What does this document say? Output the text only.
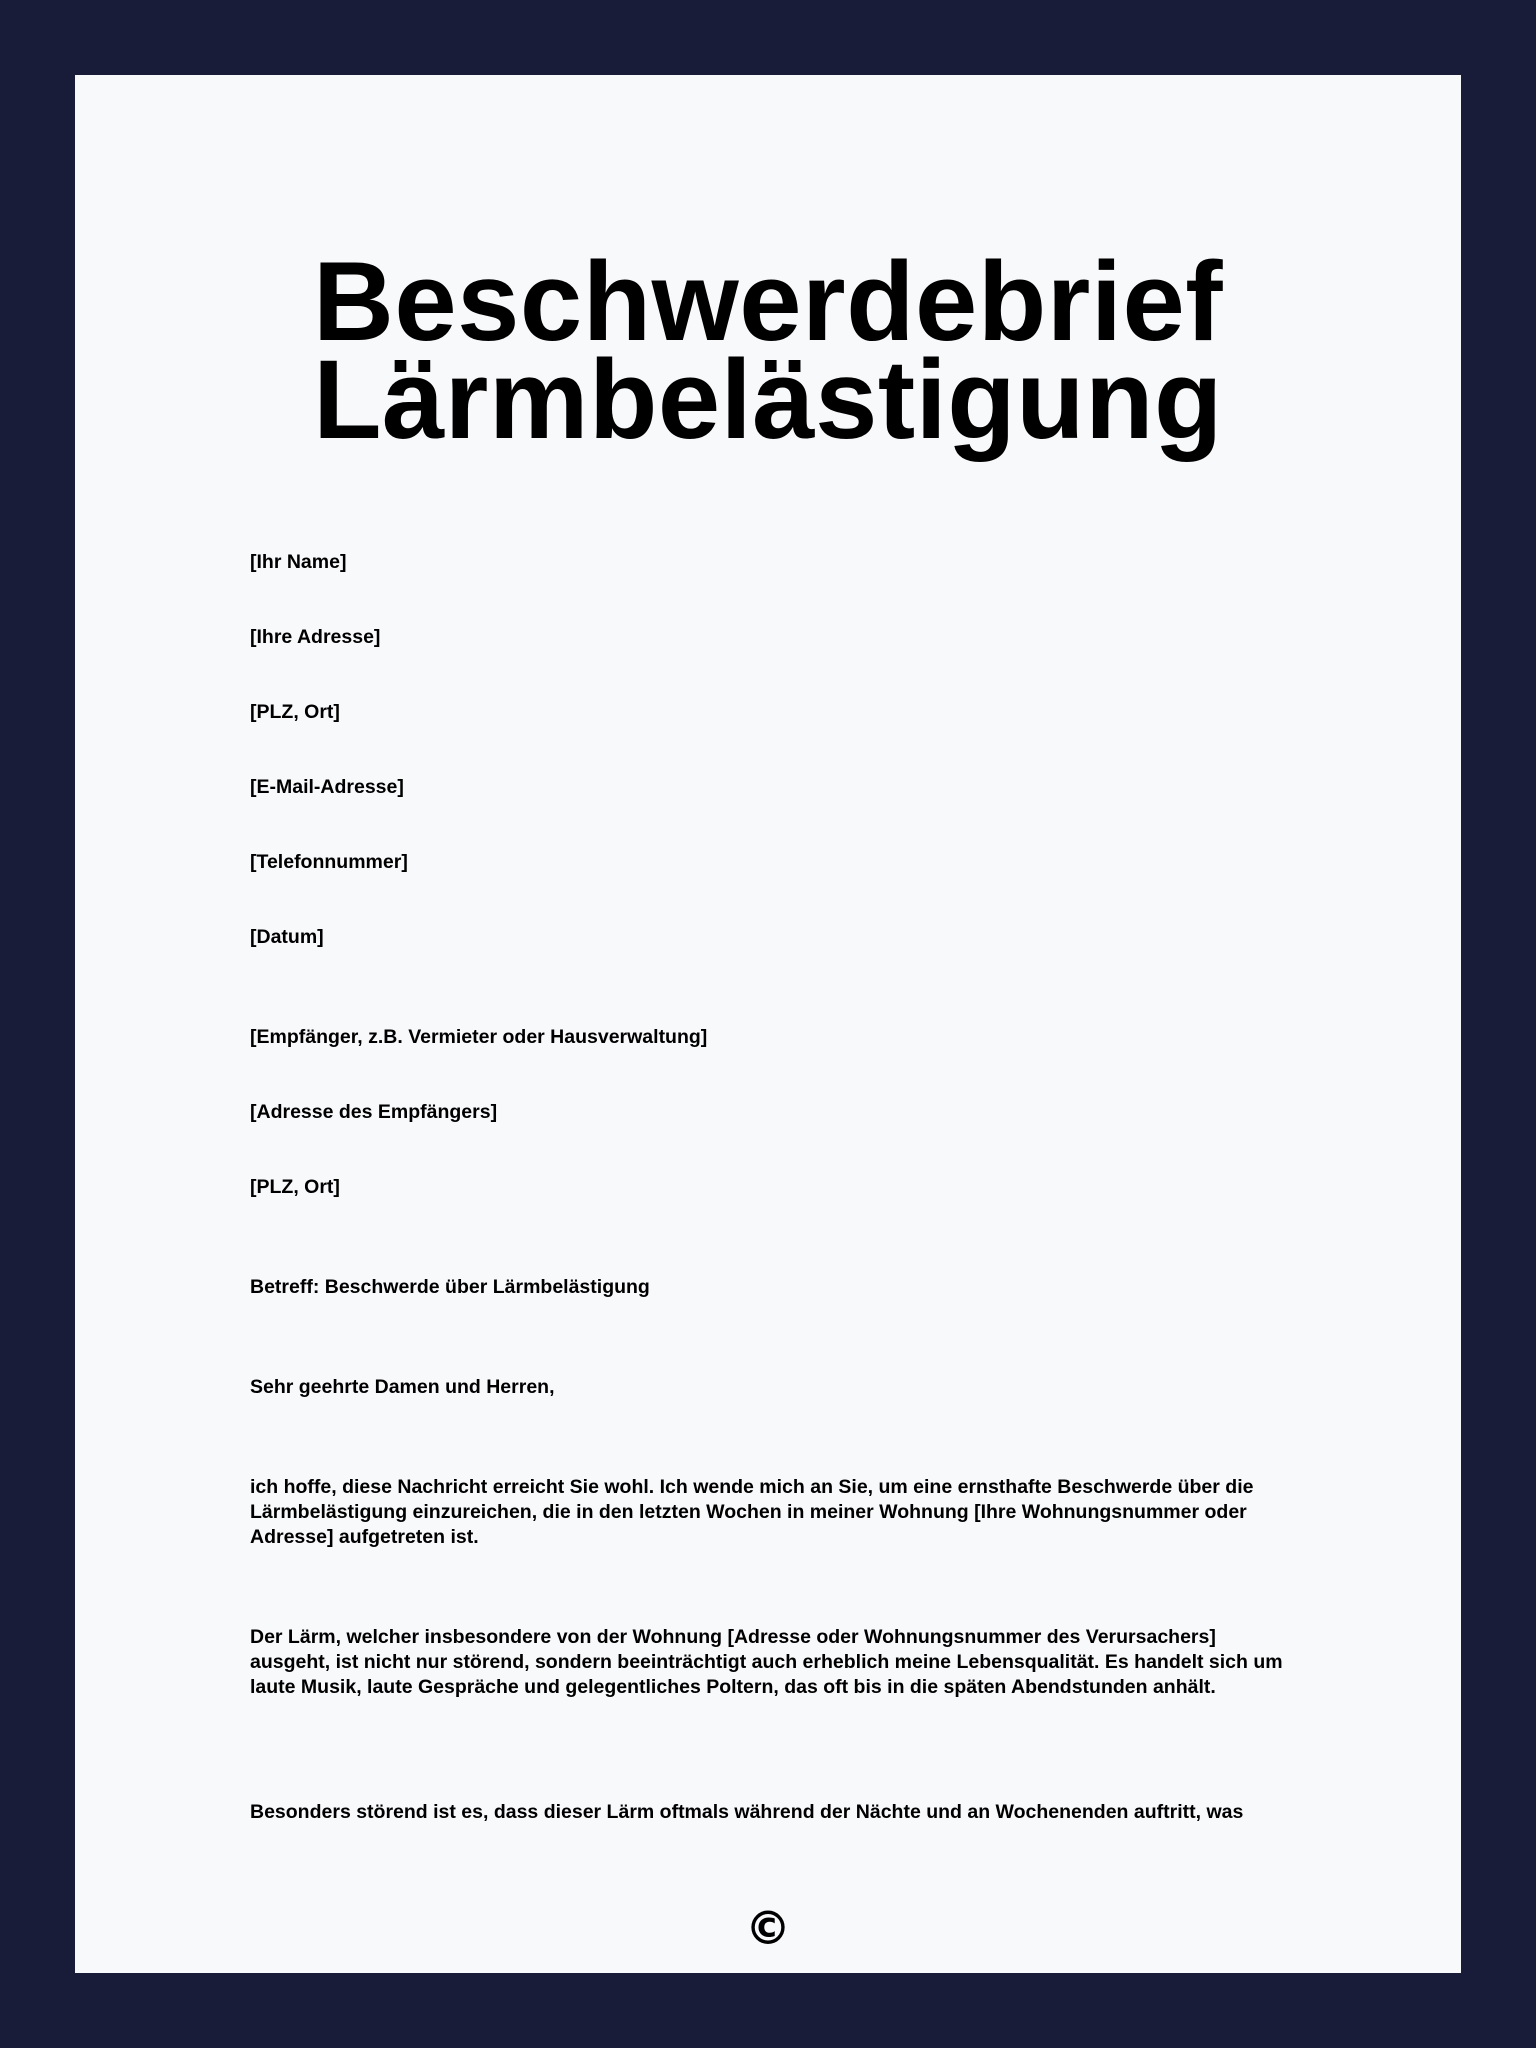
Beschwerdebrief
Lärmbelästigung

[Ihr Name]

[Ihre Adresse]

[PLZ, Ort]

[E-Mail-Adresse]

[Telefonnummer]

[Datum]

[Empfänger, z.B. Vermieter oder Hausverwaltung]

[Adresse des Empfängers]

[PLZ, Ort]

Betreff: Beschwerde über Lärmbelästigung

Sehr geehrte Damen und Herren,

ich hoffe, diese Nachricht erreicht Sie wohl. Ich wende mich an Sie, um eine ernsthafte Beschwerde über die Lärmbelästigung einzureichen, die in den letzten Wochen in meiner Wohnung [Ihre Wohnungsnummer oder Adresse] aufgetreten ist.

Der Lärm, welcher insbesondere von der Wohnung [Adresse oder Wohnungsnummer des Verursachers] ausgeht, ist nicht nur störend, sondern beeinträchtigt auch erheblich meine Lebensqualität. Es handelt sich um laute Musik, laute Gespräche und gelegentliches Poltern, das oft bis in die späten Abendstunden anhält.

Besonders störend ist es, dass dieser Lärm oftmals während der Nächte und an Wochenenden auftritt, was

©
